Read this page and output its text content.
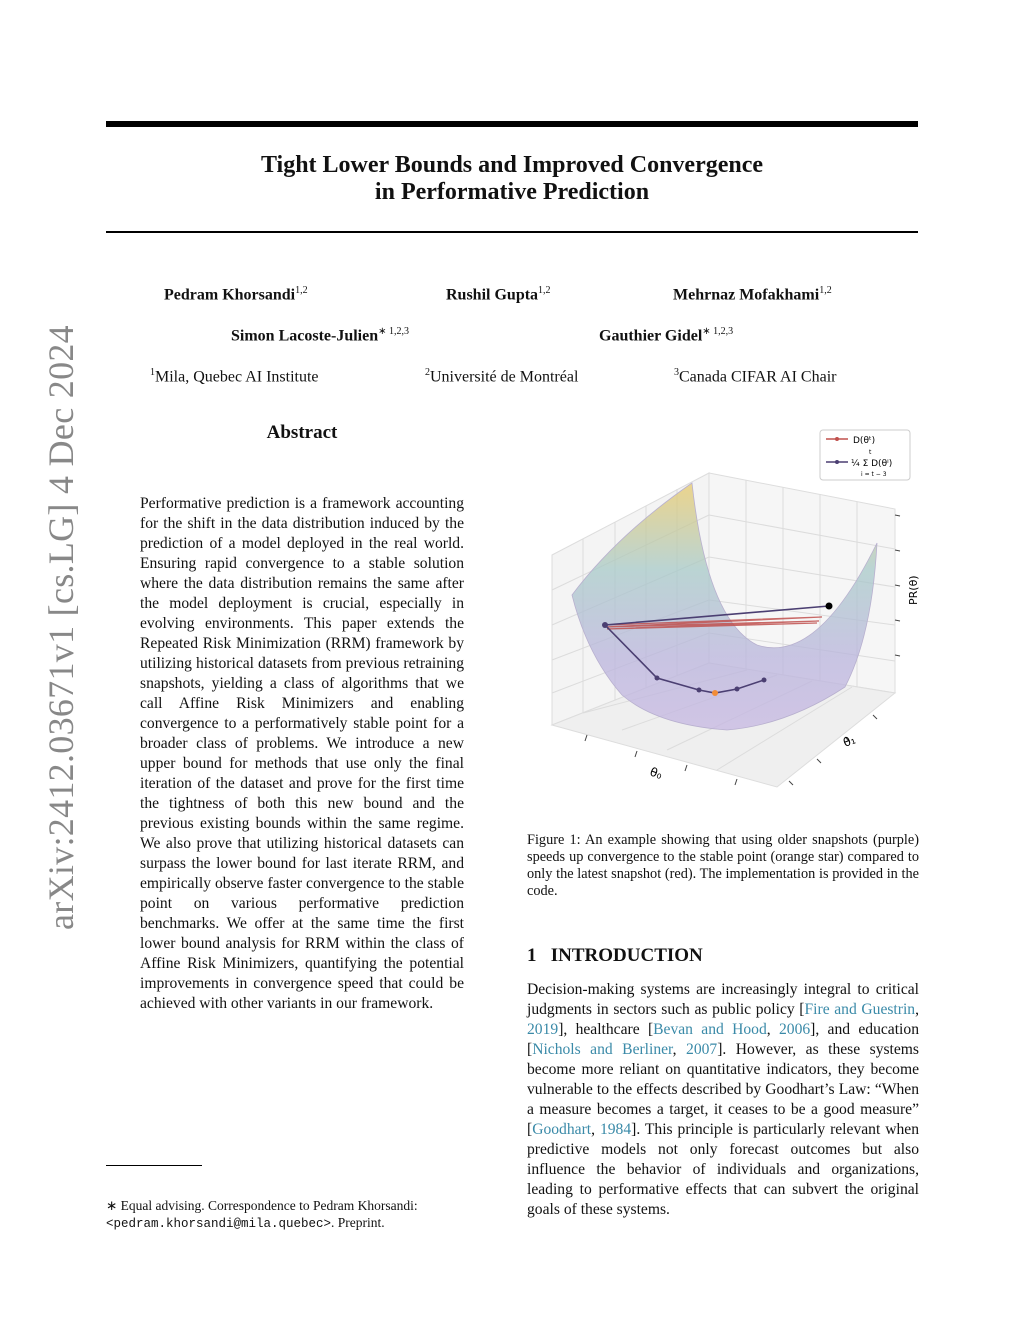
arXiv:2412.03671v1 [cs.LG] 4 Dec 2024
Tight Lower Bounds and Improved Convergence
in Performative Prediction
Pedram Khorsandi$^{1,2}$	Rushil Gupta$^{1,2}$	Mehrnaz Mofakhami$^{1,2}$
Simon Lacoste-Julien$^{∗ 1,2,3}$	Gauthier Gidel$^{∗ 1,2,3}$
$^1$Mila, Quebec AI Institute	$^2$Université de Montréal	$^3$Canada CIFAR AI Chair
Abstract
Performative prediction is a framework accounting for the shift in the data distribution induced by the prediction of a model deployed in the real world. Ensuring rapid convergence to a stable solution where the data distribution remains the same after the model deployment is crucial, especially in evolving environments. This paper extends the Repeated Risk Minimization (RRM) framework by utilizing historical datasets from previous retraining snapshots, yielding a class of algorithms that we call Affine Risk Minimizers and enabling convergence to a performatively stable point for a broader class of problems. We introduce a new upper bound for methods that use only the final iteration of the dataset and prove for the first time the tightness of both this new bound and the previous existing bounds within the same regime. We also prove that utilizing historical datasets can surpass the lower bound for last iterate RRM, and empirically observe faster convergence to the stable point on various performative prediction benchmarks. We offer at the same time the first lower bound analysis for RRM within the class of Affine Risk Minimizers, quantifying the potential improvements in convergence speed that could be achieved with other variants in our framework.
∗ Equal advising. Correspondence to Pedram Khorsandi:
<pedram.khorsandi@mila.quebec>. Preprint.
θ₀
θ₁
PR(θ)
D(θᵗ)
¼ Σ D(θⁱ)
t
i = t − 3
Figure 1: An example showing that using older snapshots (purple) speeds up convergence to the stable point (orange star) compared to only the latest snapshot (red). The implementation is provided in the code.
1 INTRODUCTION
Decision-making systems are increasingly integral to critical judgments in sectors such as public policy [Fire and Guestrin, 2019], healthcare [Bevan and Hood, 2006], and education [Nichols and Berliner, 2007]. However, as these systems become more reliant on quantitative indicators, they become vulnerable to the effects described by Goodhart’s Law: “When a measure becomes a target, it ceases to be a good measure” [Goodhart, 1984]. This principle is particularly relevant when predictive models not only forecast outcomes but also influence the behavior of individuals and organizations, leading to performative effects that can subvert the original goals of these systems.
